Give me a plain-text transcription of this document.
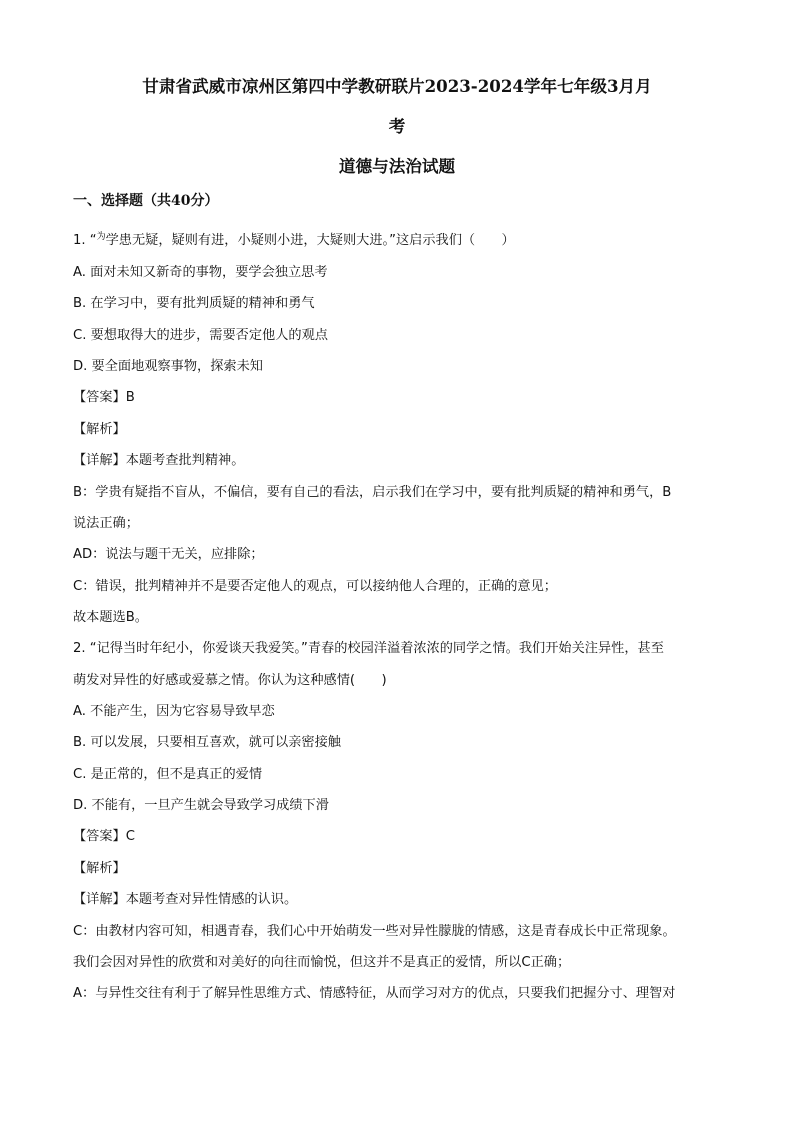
甘肃省武威市凉州区第四中学教研联片2023-2024学年七年级3月月
考
道德与法治试题
一、选择题（共40分）
1. “$^为$学患无疑，疑则有进，小疑则小进，大疑则大进。”这启示我们（　　）
A. 面对未知又新奇的事物，要学会独立思考
B. 在学习中，要有批判质疑的精神和勇气
C. 要想取得大的进步，需要否定他人的观点
D. 要全面地观察事物，探索未知
【答案】B
【解析】
【详解】本题考查批判精神。
B：学贵有疑指不盲从，不偏信，要有自己的看法，启示我们在学习中，要有批判质疑的精神和勇气，B
说法正确；
AD：说法与题干无关，应排除；
C：错误，批判精神并不是要否定他人的观点，可以接纳他人合理的，正确的意见；
故本题选B。
2. “记得当时年纪小，你爱谈天我爱笑。”青春的校园洋溢着浓浓的同学之情。我们开始关注异性，甚至
萌发对异性的好感或爱慕之情。你认为这种感情(　　)
A. 不能产生，因为它容易导致早恋
B. 可以发展，只要相互喜欢，就可以亲密接触
C. 是正常的，但不是真正的爱情
D. 不能有，一旦产生就会导致学习成绩下滑
【答案】C
【解析】
【详解】本题考查对异性情感的认识。
C：由教材内容可知，相遇青春，我们心中开始萌发一些对异性朦胧的情感，这是青春成长中正常现象。
我们会因对异性的欣赏和对美好的向往而愉悦，但这并不是真正的爱情，所以C正确；
A：与异性交往有利于了解异性思维方式、情感特征，从而学习对方的优点，只要我们把握分寸、理智对
